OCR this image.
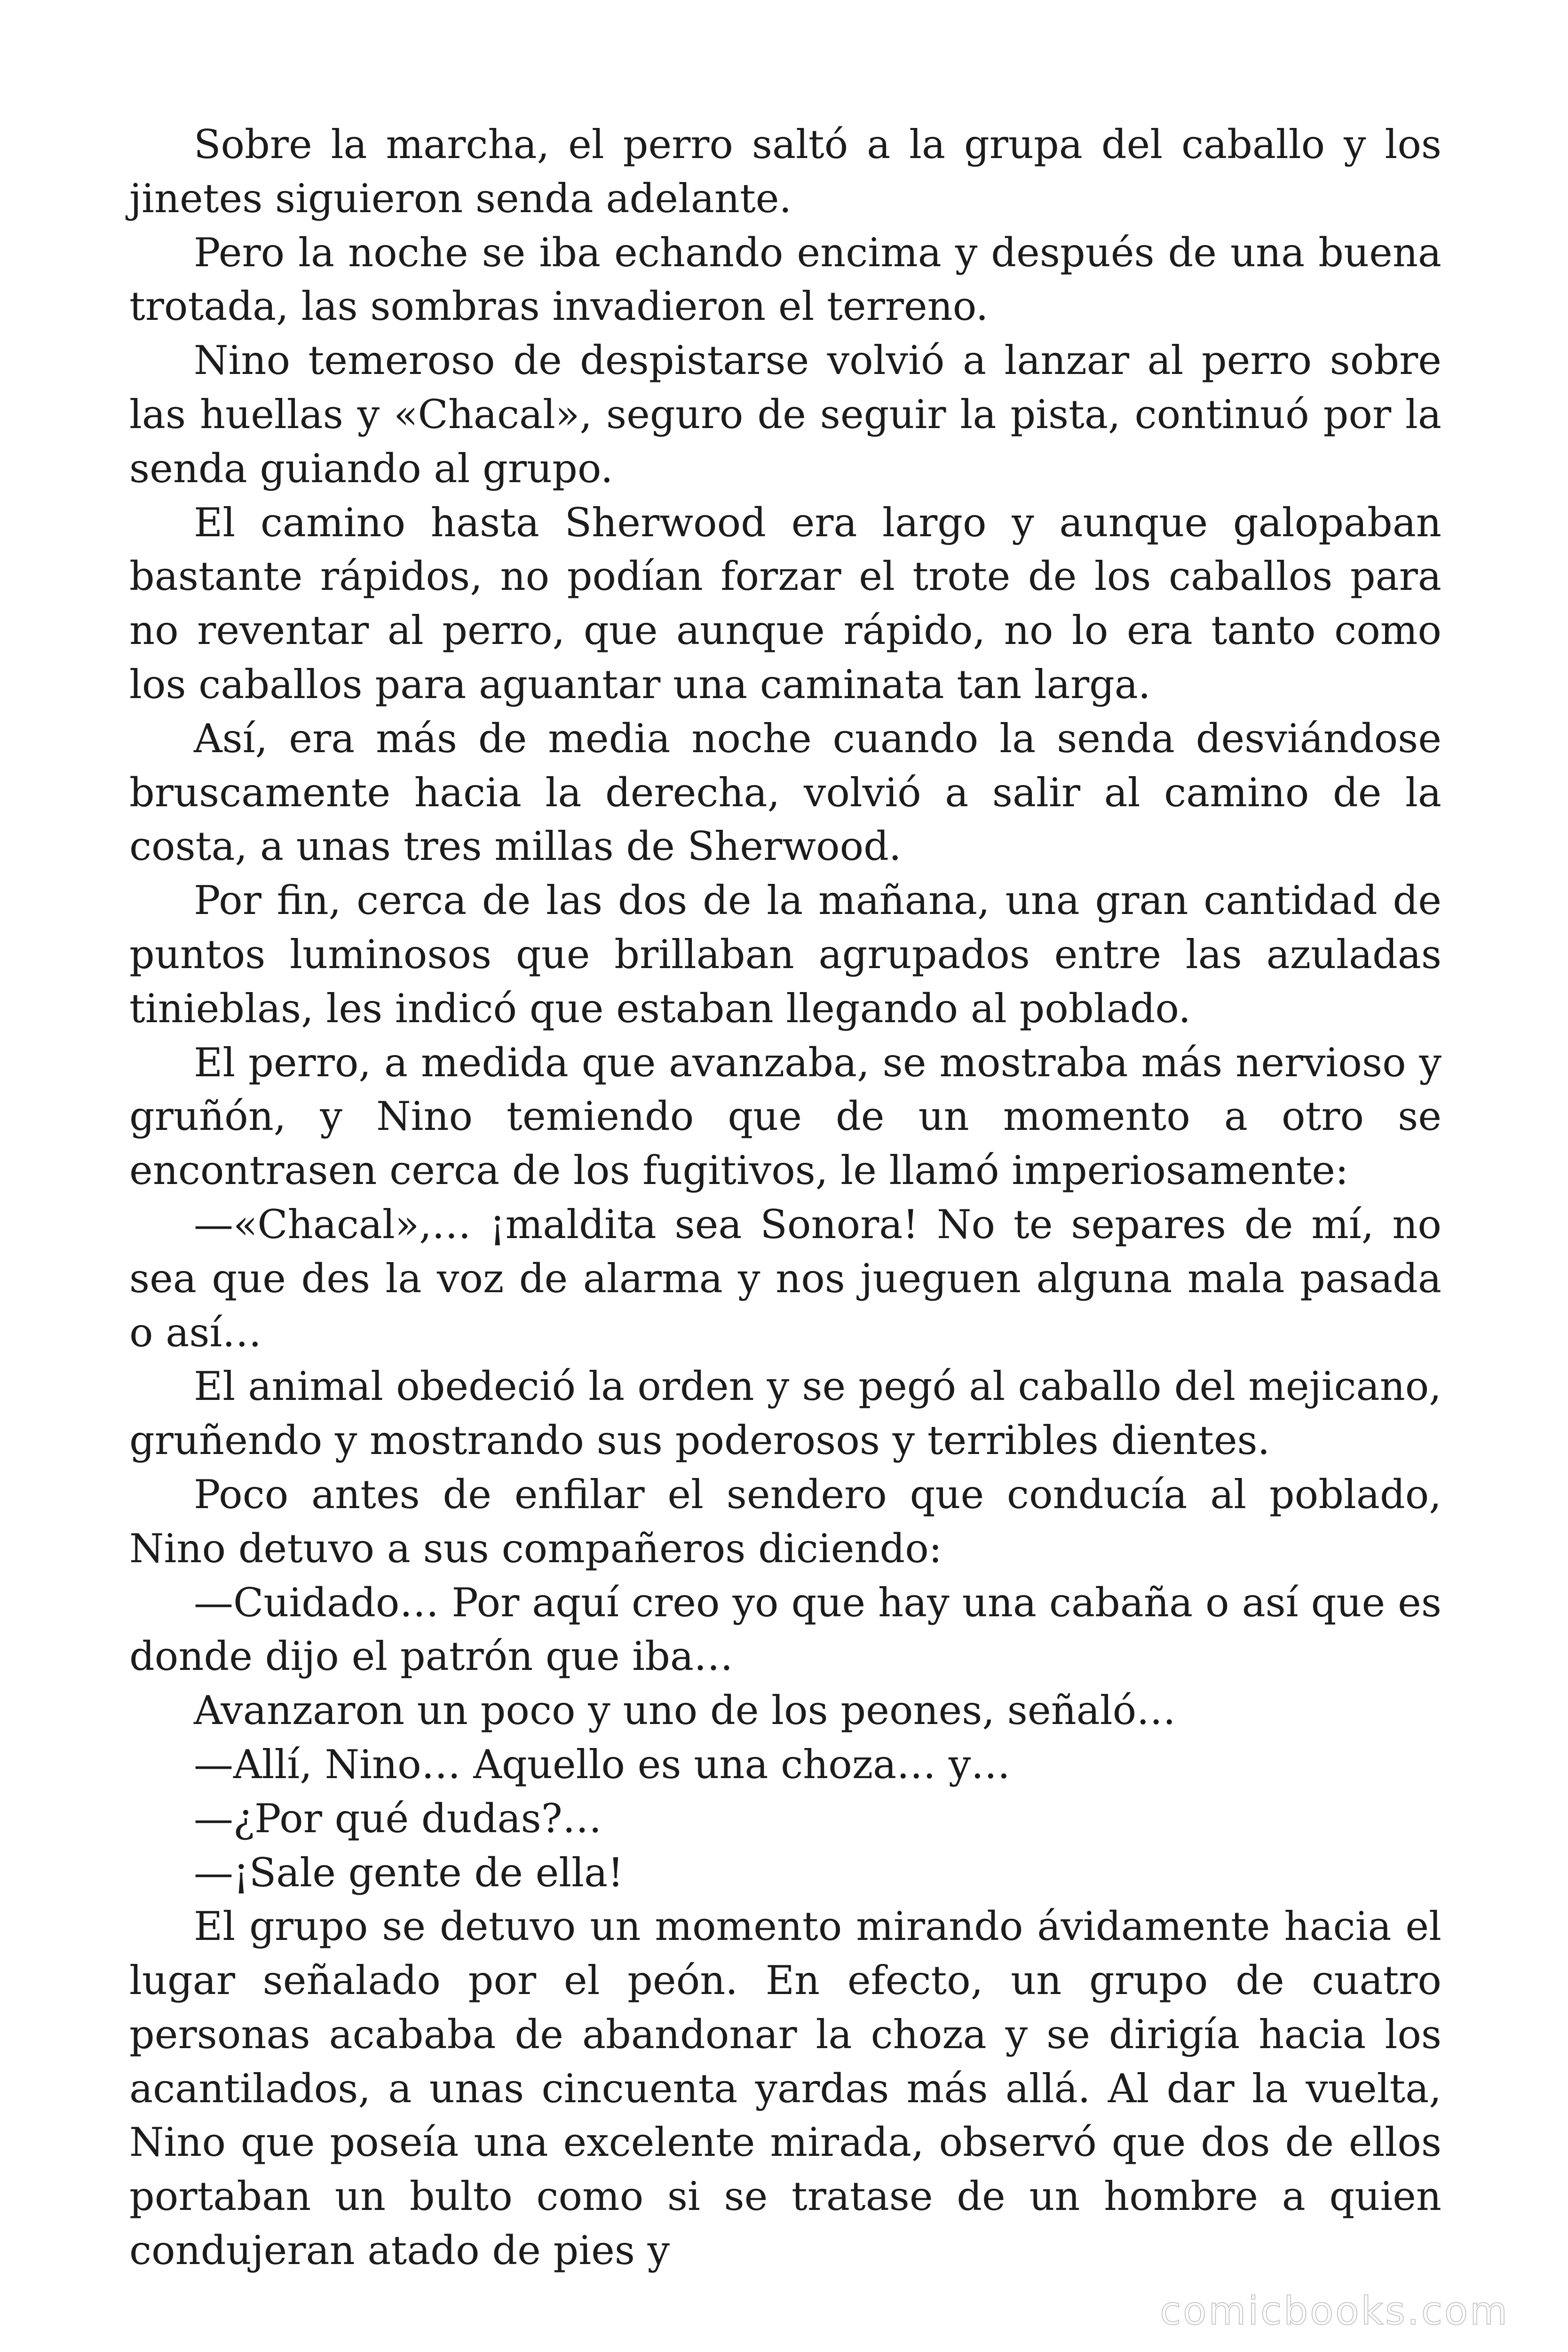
Sobre la marcha, el perro saltó a la grupa del caballo y los jinetes siguieron senda adelante.

Pero la noche se iba echando encima y después de una buena trotada, las sombras invadieron el terreno.

Nino temeroso de despistarse volvió a lanzar al perro sobre las huellas y «Chacal», seguro de seguir la pista, continuó por la senda guiando al grupo.

El camino hasta Sherwood era largo y aunque galopaban bastante rápidos, no podían forzar el trote de los caballos para no reventar al perro, que aunque rápido, no lo era tanto como los caballos para aguantar una caminata tan larga.

Así, era más de media noche cuando la senda desviándose bruscamente hacia la derecha, volvió a salir al camino de la costa, a unas tres millas de Sherwood.

Por fin, cerca de las dos de la mañana, una gran cantidad de puntos luminosos que brillaban agrupados entre las azuladas tinieblas, les indicó que estaban llegando al poblado.

El perro, a medida que avanzaba, se mostraba más nervioso y gruñón, y Nino temiendo que de un momento a otro se encontrasen cerca de los fugitivos, le llamó imperiosamente:

—«Chacal»,… ¡maldita sea Sonora! No te separes de mí, no sea que des la voz de alarma y nos jueguen alguna mala pasada o así…

El animal obedeció la orden y se pegó al caballo del mejicano, gruñendo y mostrando sus poderosos y terribles dientes.

Poco antes de enfilar el sendero que conducía al poblado, Nino detuvo a sus compañeros diciendo:

—Cuidado… Por aquí creo yo que hay una cabaña o así que es donde dijo el patrón que iba…

Avanzaron un poco y uno de los peones, señaló…

—Allí, Nino… Aquello es una choza… y…

—¿Por qué dudas?…

—¡Sale gente de ella!

El grupo se detuvo un momento mirando ávidamente hacia el lugar señalado por el peón. En efecto, un grupo de cuatro personas acababa de abandonar la choza y se dirigía hacia los acantilados, a unas cincuenta yardas más allá. Al dar la vuelta, Nino que poseía una excelente mirada, observó que dos de ellos portaban un bulto como si se tratase de un hombre a quien condujeran atado de pies y

comicbooks.com
